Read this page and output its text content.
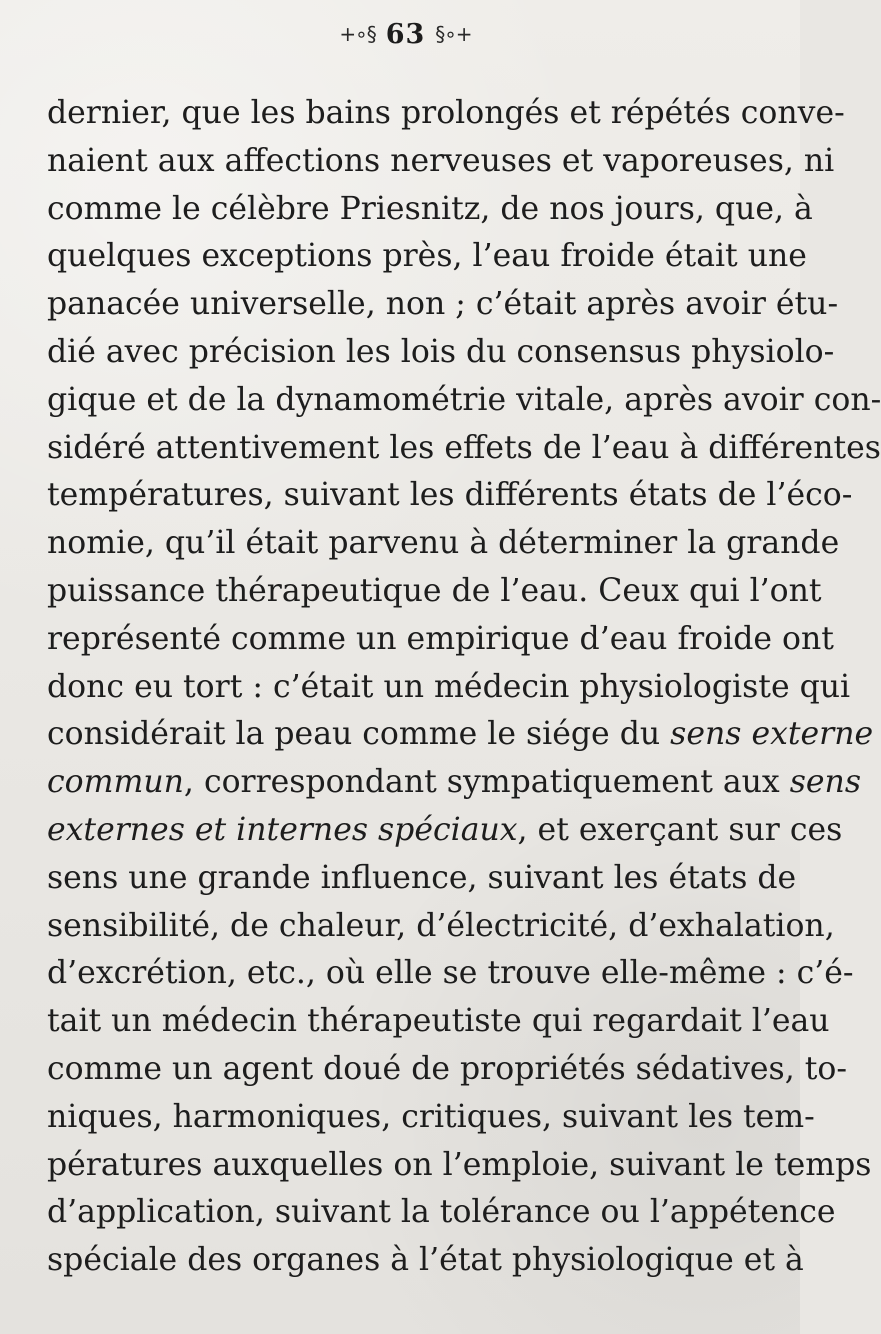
+∘§ 63 §∘+
dernier, que les bains prolongés et répétés conve-
naient aux affections nerveuses et vaporeuses, ni
comme le célèbre Priesnitz, de nos jours, que, à
quelques exceptions près, l’eau froide était une
panacée universelle, non ; c’était après avoir étu-
dié avec précision les lois du consensus physiolo-
gique et de la dynamométrie vitale, après avoir con-
sidéré attentivement les effets de l’eau à différentes
températures, suivant les différents états de l’éco-
nomie, qu’il était parvenu à déterminer la grande
puissance thérapeutique de l’eau. Ceux qui l’ont
représenté comme un empirique d’eau froide ont
donc eu tort : c’était un médecin physiologiste qui
considérait la peau comme le siége du sens externe
commun, correspondant sympatiquement aux sens
externes et internes spéciaux, et exerçant sur ces
sens une grande influence, suivant les états de
sensibilité, de chaleur, d’électricité, d’exhalation,
d’excrétion, etc., où elle se trouve elle-même : c’é-
tait un médecin thérapeutiste qui regardait l’eau
comme un agent doué de propriétés sédatives, to-
niques, harmoniques, critiques, suivant les tem-
pératures auxquelles on l’emploie, suivant le temps
d’application, suivant la tolérance ou l’appétence
spéciale des organes à l’état physiologique et à
